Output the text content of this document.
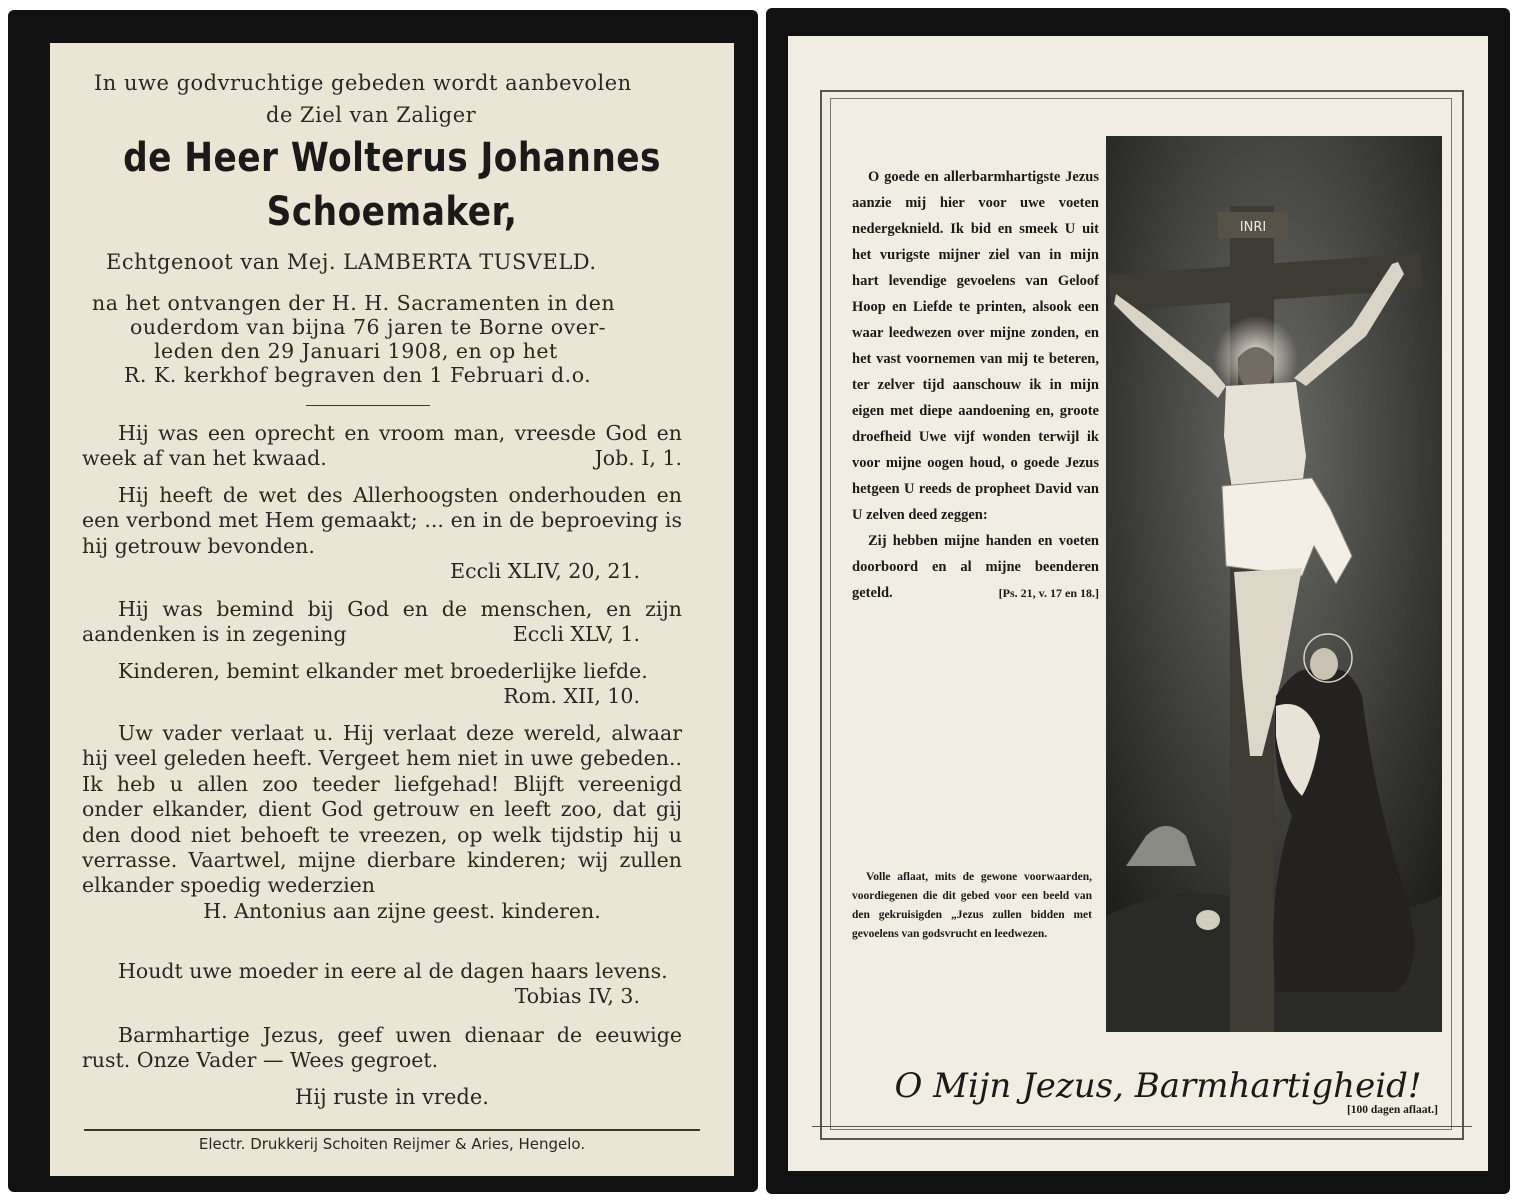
In uwe godvruchtige gebeden wordt aanbevolen
de Ziel van Zaliger
de Heer Wolterus Johannes
Schoemaker,
Echtgenoot van Mej. LAMBERTA TUSVELD.
na het ontvangen der H. H. Sacramenten in den
ouderdom van bijna 76 jaren te Borne over-
leden den 29 Januari 1908, en op het
R. K. kerkhof begraven den 1 Februari d.o.
Hij was een oprecht en vroom man, vreesde God en week af van het kwaad.	Job. I, 1.
Hij heeft de wet des Allerhoogsten onderhouden en een verbond met Hem gemaakt; ... en in de beproeving is hij getrouw bevonden.
Eccli XLIV, 20, 21.
Hij was bemind bij God en de menschen, en zijn aandenken is in zegening	Eccli XLV, 1.
Kinderen, bemint elkander met broederlijke liefde.
Rom. XII, 10.
Uw vader verlaat u. Hij verlaat deze wereld, alwaar hij veel geleden heeft. Vergeet hem niet in uwe gebeden.. Ik heb u allen zoo teeder liefgehad! Blijft vereenigd onder elkander, dient God getrouw en leeft zoo, dat gij den dood niet behoeft te vreezen, op welk tijdstip hij u verrasse. Vaartwel, mijne dierbare kinderen; wij zullen elkander spoedig wederzien
H. Antonius aan zijne geest. kinderen.
Houdt uwe moeder in eere al de dagen haars levens.
Tobias IV, 3.
Barmhartige Jezus, geef uwen dienaar de eeuwige rust. Onze Vader — Wees gegroet.
Hij ruste in vrede.
Electr. Drukkerij Schoiten Reijmer & Aries, Hengelo.

O goede en allerbarmhartigste Jezus aanzie mij hier voor uwe voeten nedergeknield. Ik bid en smeek U uit het vurigste mijner ziel van in mijn hart levendige gevoelens van Geloof Hoop en Liefde te printen, alsook een waar leedwezen over mijne zonden, en het vast voornemen van mij te beteren, ter zelver tijd aanschouw ik in mijn eigen met diepe aandoening en, groote droefheid Uwe vijf wonden terwijl ik voor mijne oogen houd, o goede Jezus hetgeen U reeds de propheet David van U zelven deed zeggen:

Zij hebben mijne handen en voeten doorboord en al mijne beenderen geteld.	[Ps. 21, v. 17 en 18.]

Volle aflaat, mits de gewone voorwaarden, voordiegenen die dit gebed voor een beeld van den gekruisigden „Jezus zullen bidden met gevoelens van godsvrucht en leedwezen.
INRI
O Mijn Jezus, Barmhartigheid!
[100 dagen aflaat.]
